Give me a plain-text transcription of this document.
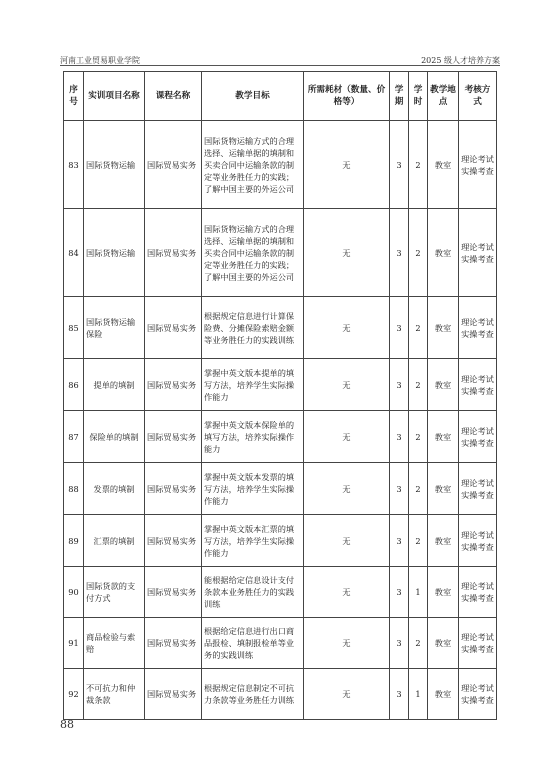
河南工业贸易职业学院	2025 级人才培养方案
序号	实训项目名称	课程名称	教学目标	所需耗材（数量、价格等）	学期	学时	教学地点	考核方式
83	国际货物运输	国际贸易实务	国际货物运输方式的合理选择、运输单据的填制和买卖合同中运输条款的制定等业务胜任力的实践；了解中国主要的外运公司	无	3	2	教室	理论考试实操考查
84	国际货物运输	国际贸易实务	国际货物运输方式的合理选择、运输单据的填制和买卖合同中运输条款的制定等业务胜任力的实践；了解中国主要的外运公司	无	3	2	教室	理论考试实操考查
85	国际货物运输保险	国际贸易实务	根据规定信息进行计算保险费、分摊保险索赔金额等业务胜任力的实践训练	无	3	2	教室	理论考试实操考查
86	提单的填制	国际贸易实务	掌握中英文版本提单的填写方法，培养学生实际操作能力	无	3	2	教室	理论考试实操考查
87	保险单的填制	国际贸易实务	掌握中英文版本保险单的填写方法，培养实际操作能力	无	3	2	教室	理论考试实操考查
88	发票的填制	国际贸易实务	掌握中英文版本发票的填写方法，培养学生实际操作能力	无	3	2	教室	理论考试实操考查
89	汇票的填制	国际贸易实务	掌握中英文版本汇票的填写方法，培养学生实际操作能力	无	3	2	教室	理论考试实操考查
90	国际货款的支付方式	国际贸易实务	能根据给定信息设计支付条款本业务胜任力的实践训练	无	3	1	教室	理论考试实操考查
91	商品检验与索赔	国际贸易实务	根据给定信息进行出口商品报检、填制报检单等业务的实践训练	无	3	2	教室	理论考试实操考查
92	不可抗力和仲裁条款	国际贸易实务	根据规定信息制定不可抗力条款等业务胜任力训练	无	3	1	教室	理论考试实操考查
88
